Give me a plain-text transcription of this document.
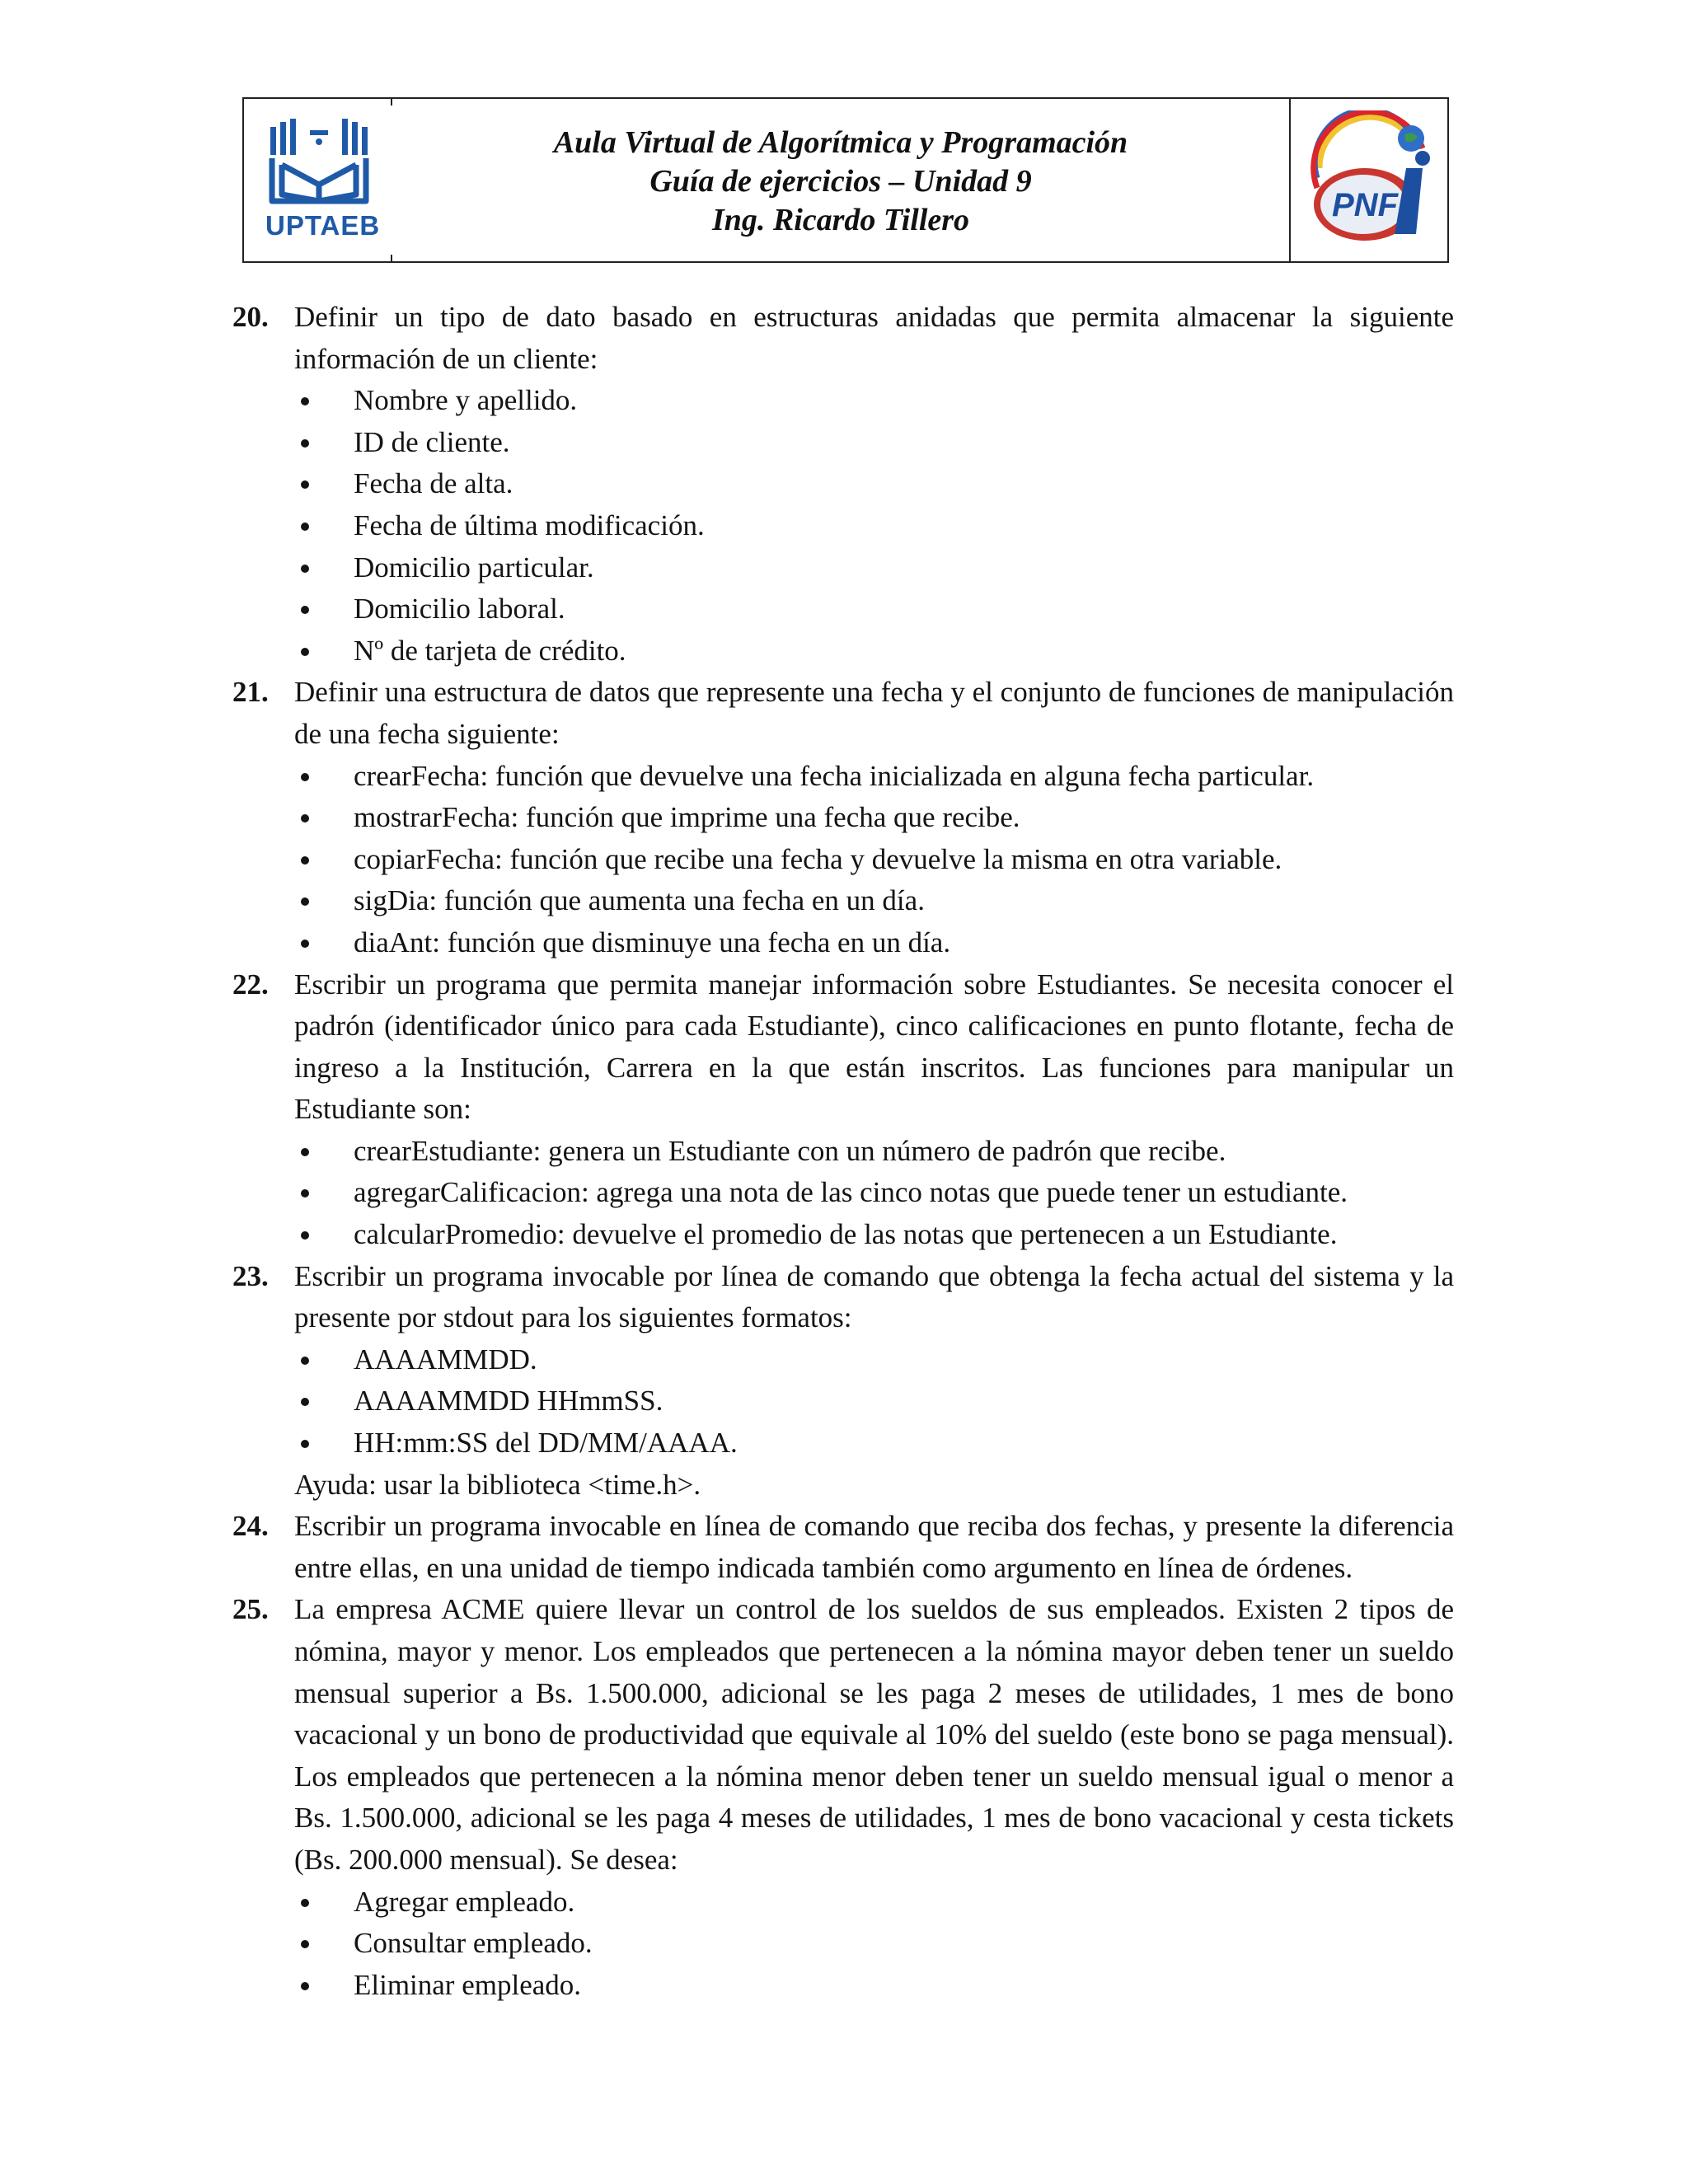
UPTAEB
Aula Virtual de Algorítmica y Programación
Guía de ejercicios – Unidad 9
Ing. Ricardo Tillero	PNF
20. Definir un tipo de dato basado en estructuras anidadas que permita almacenar la siguiente información de un cliente:
Nombre y apellido.
ID de cliente.
Fecha de alta.
Fecha de última modificación.
Domicilio particular.
Domicilio laboral.
Nº de tarjeta de crédito.
21. Definir una estructura de datos que represente una fecha y el conjunto de funciones de manipulación de una fecha siguiente:
crearFecha: función que devuelve una fecha inicializada en alguna fecha particular.
mostrarFecha: función que imprime una fecha que recibe.
copiarFecha: función que recibe una fecha y devuelve la misma en otra variable.
sigDia: función que aumenta una fecha en un día.
diaAnt: función que disminuye una fecha en un día.
22. Escribir un programa que permita manejar información sobre Estudiantes. Se necesita conocer el padrón (identificador único para cada Estudiante), cinco calificaciones en punto flotante, fecha de ingreso a la Institución, Carrera en la que están inscritos. Las funciones para manipular un Estudiante son:
crearEstudiante: genera un Estudiante con un número de padrón que recibe.
agregarCalificacion: agrega una nota de las cinco notas que puede tener un estudiante.
calcularPromedio: devuelve el promedio de las notas que pertenecen a un Estudiante.
23. Escribir un programa invocable por línea de comando que obtenga la fecha actual del sistema y la presente por stdout para los siguientes formatos:
AAAAMMDD.
AAAAMMDD HHmmSS.
HH:mm:SS del DD/MM/AAAA.
Ayuda: usar la biblioteca <time.h>.
24. Escribir un programa invocable en línea de comando que reciba dos fechas, y presente la diferencia entre ellas, en una unidad de tiempo indicada también como argumento en línea de órdenes.
25. La empresa ACME quiere llevar un control de los sueldos de sus empleados. Existen 2 tipos de nómina, mayor y menor. Los empleados que pertenecen a la nómina mayor deben tener un sueldo mensual superior a Bs. 1.500.000, adicional se les paga 2 meses de utilidades, 1 mes de bono vacacional y un bono de productividad que equivale al 10% del sueldo (este bono se paga mensual). Los empleados que pertenecen a la nómina menor deben tener un sueldo mensual igual o menor a Bs. 1.500.000, adicional se les paga 4 meses de utilidades, 1 mes de bono vacacional y cesta tickets (Bs. 200.000 mensual). Se desea:
Agregar empleado.
Consultar empleado.
Eliminar empleado.
